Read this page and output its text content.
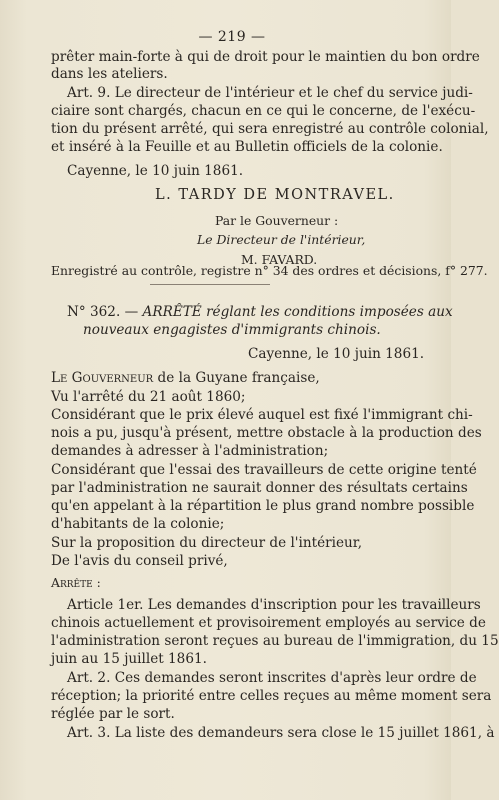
— 219 —
prêter main-forte à qui de droit pour le maintien du bon ordre
dans les ateliers.
Art. 9. Le directeur de l'intérieur et le chef du service judi-
ciaire sont chargés, chacun en ce qui le concerne, de l'exécu-
tion du présent arrêté, qui sera enregistré au contrôle colonial,
et inséré à la Feuille et au Bulletin officiels de la colonie.
Cayenne, le 10 juin 1861.
L. TARDY DE MONTRAVEL.
Par le Gouverneur :
Le Directeur de l'intérieur,
M. FAVARD.
Enregistré au contrôle, registre n° 34 des ordres et décisions, f° 277.
N° 362. — ARRÊTÉ réglant les conditions imposées aux
nouveaux engagistes d'immigrants chinois.
Cayenne, le 10 juin 1861.
Le Gouverneur de la Guyane française,
Vu l'arrêté du 21 août 1860;
Considérant que le prix élevé auquel est fixé l'immigrant chi-
nois a pu, jusqu'à présent, mettre obstacle à la production des
demandes à adresser à l'administration;
Considérant que l'essai des travailleurs de cette origine tenté
par l'administration ne saurait donner des résultats certains
qu'en appelant à la répartition le plus grand nombre possible
d'habitants de la colonie;
Sur la proposition du directeur de l'intérieur,
De l'avis du conseil privé,
Arrête :
Article 1er. Les demandes d'inscription pour les travailleurs
chinois actuellement et provisoirement employés au service de
l'administration seront reçues au bureau de l'immigration, du 15
juin au 15 juillet 1861.
Art. 2. Ces demandes seront inscrites d'après leur ordre de
réception; la priorité entre celles reçues au même moment sera
réglée par le sort.
Art. 3. La liste des demandeurs sera close le 15 juillet 1861, à
